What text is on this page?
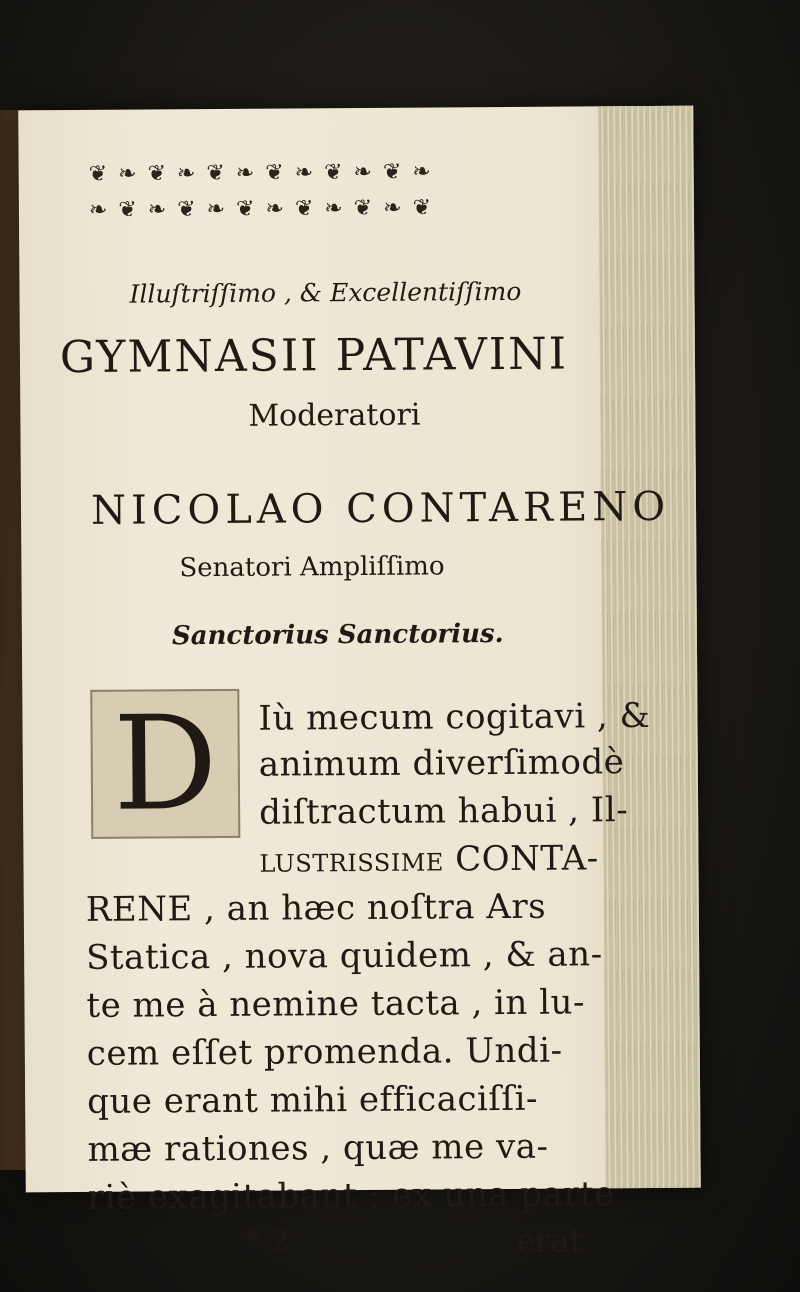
❦ ❧ ❦ ❧ ❦ ❧ ❦ ❧ ❦ ❧ ❦ ❧
❧ ❦ ❧ ❦ ❧ ❦ ❧ ❦ ❧ ❦ ❧ ❦
Illuſtriſſimo , & Excellentiſſimo
GYMNASII PATAVINI
Moderatori
NICOLAO CONTARENO
Senatori Ampliſſimo
Sanctorius Sanctorius.
D	Iù mecum cogitavi , &
animum diverſimodè
diſtractum habui , Il-
luſtriſſime CONTA-
RENE , an hæc noſtra Ars
Statica , nova quidem , & an-
te me à nemine tacta , in lu-
cem eſſet promenda. Undi-
que erant mihi efficaciſſi-
mæ rationes , quæ me va-
riè exagitabant : ex una parte
* 2	erat
